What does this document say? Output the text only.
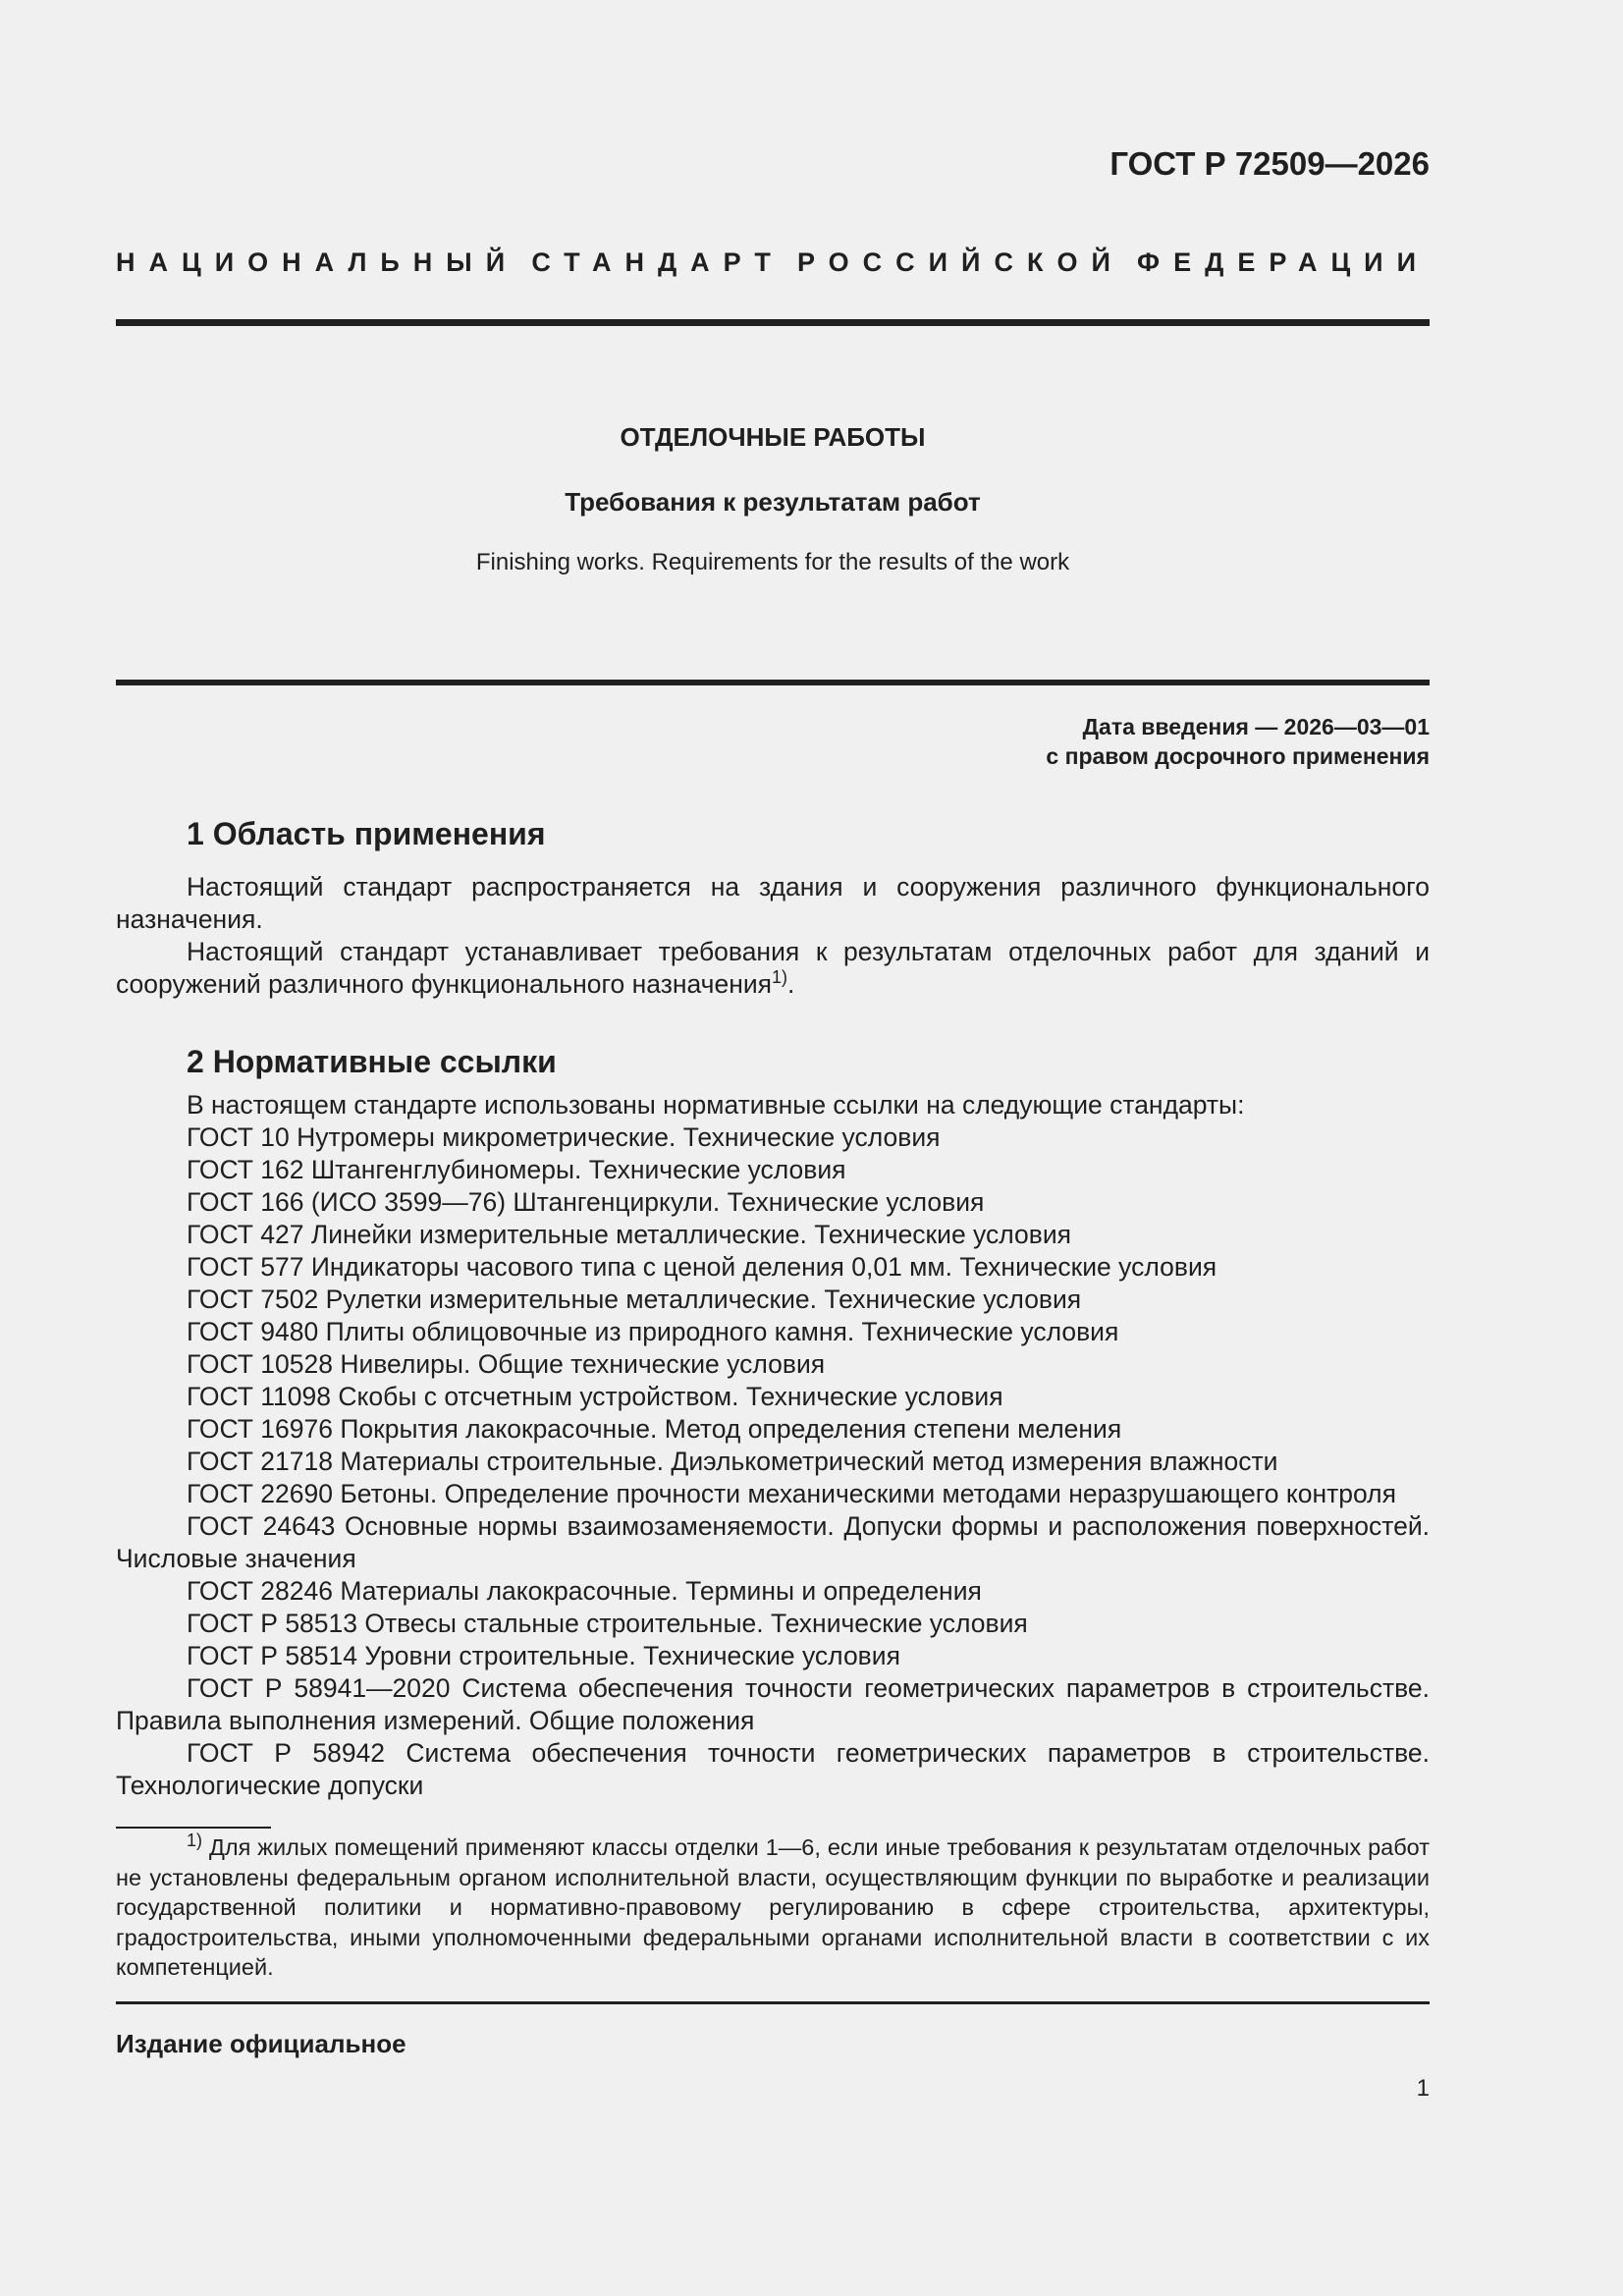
ГОСТ Р 72509—2026
НАЦИОНАЛЬНЫЙ СТАНДАРТ РОССИЙСКОЙ ФЕДЕРАЦИИ
ОТДЕЛОЧНЫЕ РАБОТЫ
Требования к результатам работ
Finishing works. Requirements for the results of the work
Дата введения — 2026—03—01
с правом досрочного применения
1 Область применения

Настоящий стандарт распространяется на здания и сооружения различного функционального назначения.

Настоящий стандарт устанавливает требования к результатам отделочных работ для зданий и сооружений различного функционального назначения$^{1)}$.

2 Нормативные ссылки

В настоящем стандарте использованы нормативные ссылки на следующие стандарты:

ГОСТ 10 Нутромеры микрометрические. Технические условия
ГОСТ 162 Штангенглубиномеры. Технические условия
ГОСТ 166 (ИСО 3599—76) Штангенциркули. Технические условия
ГОСТ 427 Линейки измерительные металлические. Технические условия
ГОСТ 577 Индикаторы часового типа с ценой деления 0,01 мм. Технические условия
ГОСТ 7502 Рулетки измерительные металлические. Технические условия
ГОСТ 9480 Плиты облицовочные из природного камня. Технические условия
ГОСТ 10528 Нивелиры. Общие технические условия
ГОСТ 11098 Скобы с отсчетным устройством. Технические условия
ГОСТ 16976 Покрытия лакокрасочные. Метод определения степени меления
ГОСТ 21718 Материалы строительные. Диэлькометрический метод измерения влажности
ГОСТ 22690 Бетоны. Определение прочности механическими методами неразрушающего контроля
ГОСТ 24643 Основные нормы взаимозаменяемости. Допуски формы и расположения поверхностей. Числовые значения
ГОСТ 28246 Материалы лакокрасочные. Термины и определения
ГОСТ Р 58513 Отвесы стальные строительные. Технические условия
ГОСТ Р 58514 Уровни строительные. Технические условия
ГОСТ Р 58941—2020 Система обеспечения точности геометрических параметров в строительстве. Правила выполнения измерений. Общие положения
ГОСТ Р 58942 Система обеспечения точности геометрических параметров в строительстве. Технологические допуски

$^{1)}$ Для жилых помещений применяют классы отделки 1—6, если иные требования к результатам отделочных работ не установлены федеральным органом исполнительной власти, осуществляющим функции по выработке и реализации государственной политики и нормативно-правовому регулированию в сфере строительства, архитектуры, градостроительства, иными уполномоченными федеральными органами исполнительной власти в соответствии с их компетенцией.

Издание официальное
1
